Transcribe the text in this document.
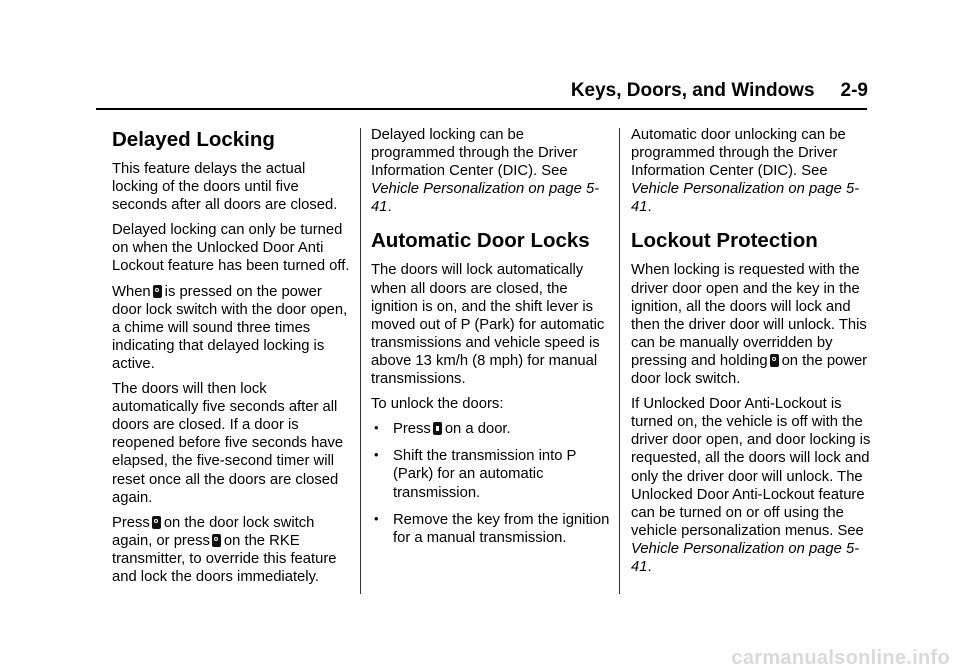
Keys, Doors, and Windows 2-9
Delayed Locking

This feature delays the actual locking of the doors until five seconds after all doors are closed.

Delayed locking can only be turned on when the Unlocked Door Anti Lockout feature has been turned off.

When is pressed on the power door lock switch with the door open, a chime will sound three times indicating that delayed locking is active.

The doors will then lock automatically five seconds after all doors are closed. If a door is reopened before five seconds have elapsed, the five-second timer will reset once all the doors are closed again.

Press on the door lock switch again, or press on the RKE transmitter, to override this feature and lock the doors immediately.

Delayed locking can be programmed through the Driver Information Center (DIC). See Vehicle Personalization on page 5-41.

Automatic Door Locks

The doors will lock automatically when all doors are closed, the ignition is on, and the shift lever is moved out of P (Park) for automatic transmissions and vehicle speed is above 13 km/h (8 mph) for manual transmissions.

To unlock the doors:

• Press on a door.
• Shift the transmission into P (Park) for an automatic transmission.
• Remove the key from the ignition for a manual transmission.

Automatic door unlocking can be programmed through the Driver Information Center (DIC). See Vehicle Personalization on page 5-41.

Lockout Protection

When locking is requested with the driver door open and the key in the ignition, all the doors will lock and then the driver door will unlock. This can be manually overridden by pressing and holding on the power door lock switch.

If Unlocked Door Anti-Lockout is turned on, the vehicle is off with the driver door open, and door locking is requested, all the doors will lock and only the driver door will unlock. The Unlocked Door Anti-Lockout feature can be turned on or off using the vehicle personalization menus. See Vehicle Personalization on page 5-41.

carmanualsonline.info
